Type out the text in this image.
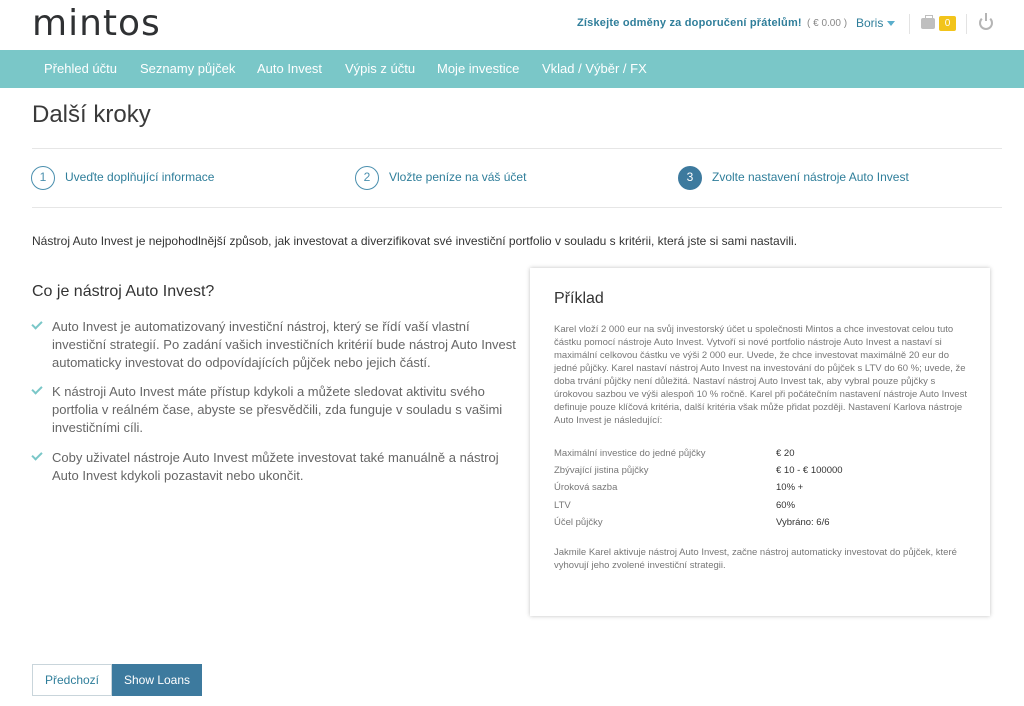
mintos	Získejte odměny za doporučení přátelům! ( € 0.00 ) Boris	0
Přehled účtu Seznamy půjček Auto Invest Výpis z účtu Moje investice Vklad / Výběr / FX
Další kroky
1	Uveďte doplňující informace	2	Vložte peníze na váš účet	3	Zvolte nastavení nástroje Auto Invest
Nástroj Auto Invest je nejpohodlnější způsob, jak investovat a diverzifikovat své investiční portfolio v souladu s kritérii, která jste si sami nastavili.
Co je nástroj Auto Invest?
Auto Invest je automatizovaný investiční nástroj, který se řídí vaší vlastní investiční strategií. Po zadání vašich investičních kritérií bude nástroj Auto Invest automaticky investovat do odpovídajících půjček nebo jejich částí.
K nástroji Auto Invest máte přístup kdykoli a můžete sledovat aktivitu svého portfolia v reálném čase, abyste se přesvědčili, zda funguje v souladu s vašimi investičními cíli.
Coby uživatel nástroje Auto Invest můžete investovat také manuálně a nástroj Auto Invest kdykoli pozastavit nebo ukončit.
Příklad
Karel vloží 2 000 eur na svůj investorský účet u společnosti Mintos a chce investovat celou tuto částku pomocí nástroje Auto Invest. Vytvoří si nové portfolio nástroje Auto Invest a nastaví si maximální celkovou částku ve výši 2 000 eur. Uvede, že chce investovat maximálně 20 eur do jedné půjčky. Karel nastaví nástroj Auto Invest na investování do půjček s LTV do 60 %; uvede, že doba trvání půjčky není důležitá. Nastaví nástroj Auto Invest tak, aby vybral pouze půjčky s úrokovou sazbou ve výši alespoň 10 % ročně. Karel při počátečním nastavení nástroje Auto Invest definuje pouze klíčová kritéria, další kritéria však může přidat později. Nastavení Karlova nástroje Auto Invest je následující:
Maximální investice do jedné půjčky	€ 20
Zbývající jistina půjčky	€ 10 - € 100000
Úroková sazba	10% +
LTV	60%
Účel půjčky	Vybráno: 6/6
Jakmile Karel aktivuje nástroj Auto Invest, začne nástroj automaticky investovat do půjček, které vyhovují jeho zvolené investiční strategii.
Předchozí	Show Loans
